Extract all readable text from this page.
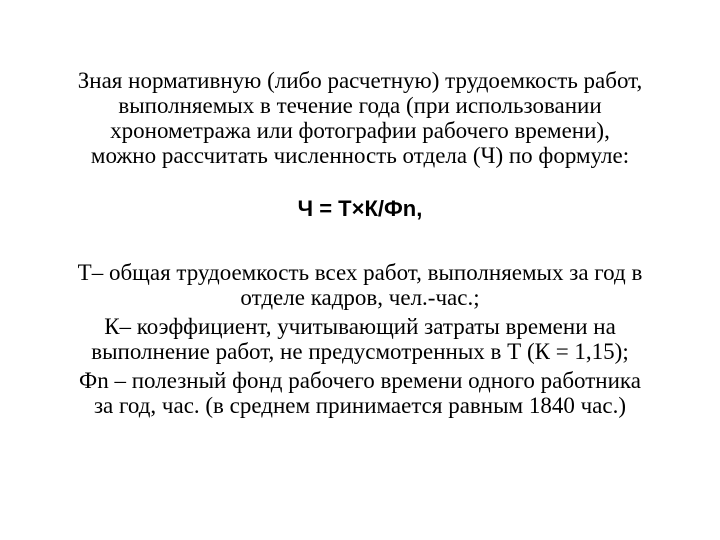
Зная нормативную (либо расчетную) трудоемкость работ,
выполняемых в течение года (при использовании
хронометража или фотографии рабочего времени),
можно рассчитать численность отдела (Ч) по формуле:
Ч = Т×К/Фn,
Т– общая трудоемкость всех работ, выполняемых за год в
отделе кадров, чел.-час.;
К– коэффициент, учитывающий затраты времени на
выполнение работ, не предусмотренных в Т (К = 1,15);
Фn – полезный фонд рабочего времени одного работника
за год, час. (в среднем принимается равным 1840 час.)
